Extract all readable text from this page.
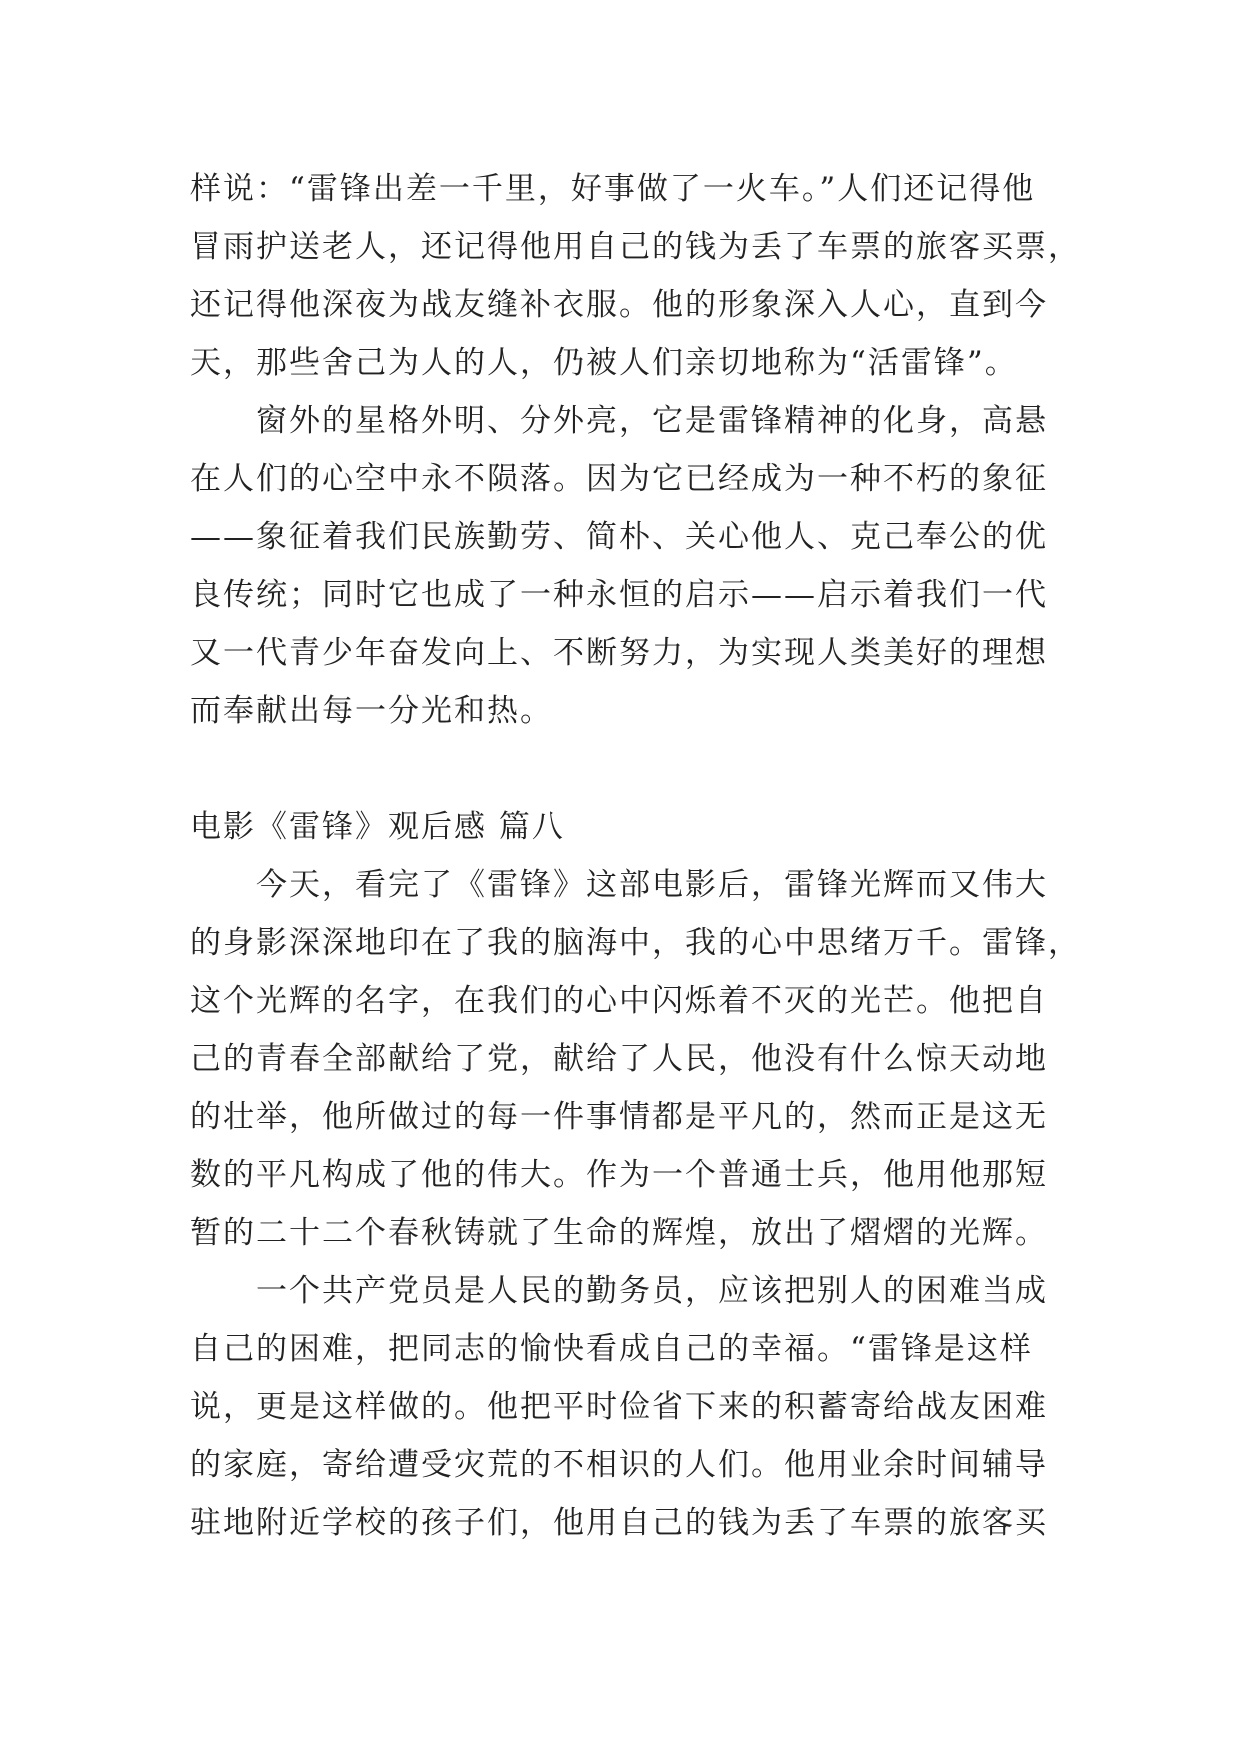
样说：“雷锋出差一千里，好事做了一火车。”人们还记得他
冒雨护送老人，还记得他用自己的钱为丢了车票的旅客买票，
还记得他深夜为战友缝补衣服。他的形象深入人心，直到今
天，那些舍己为人的人，仍被人们亲切地称为“活雷锋”。
窗外的星格外明、分外亮，它是雷锋精神的化身，高悬
在人们的心空中永不陨落。因为它已经成为一种不朽的象征
——象征着我们民族勤劳、简朴、关心他人、克己奉公的优
良传统；同时它也成了一种永恒的启示——启示着我们一代
又一代青少年奋发向上、不断努力，为实现人类美好的理想
而奉献出每一分光和热。
电影《雷锋》观后感 篇八
今天，看完了《雷锋》这部电影后，雷锋光辉而又伟大
的身影深深地印在了我的脑海中，我的心中思绪万千。雷锋，
这个光辉的名字，在我们的心中闪烁着不灭的光芒。他把自
己的青春全部献给了党，献给了人民，他没有什么惊天动地
的壮举，他所做过的每一件事情都是平凡的，然而正是这无
数的平凡构成了他的伟大。作为一个普通士兵，他用他那短
暂的二十二个春秋铸就了生命的辉煌，放出了熠熠的光辉。
一个共产党员是人民的勤务员，应该把别人的困难当成
自己的困难，把同志的愉快看成自己的幸福。“雷锋是这样
说，更是这样做的。他把平时俭省下来的积蓄寄给战友困难
的家庭，寄给遭受灾荒的不相识的人们。他用业余时间辅导
驻地附近学校的孩子们，他用自己的钱为丢了车票的旅客买
